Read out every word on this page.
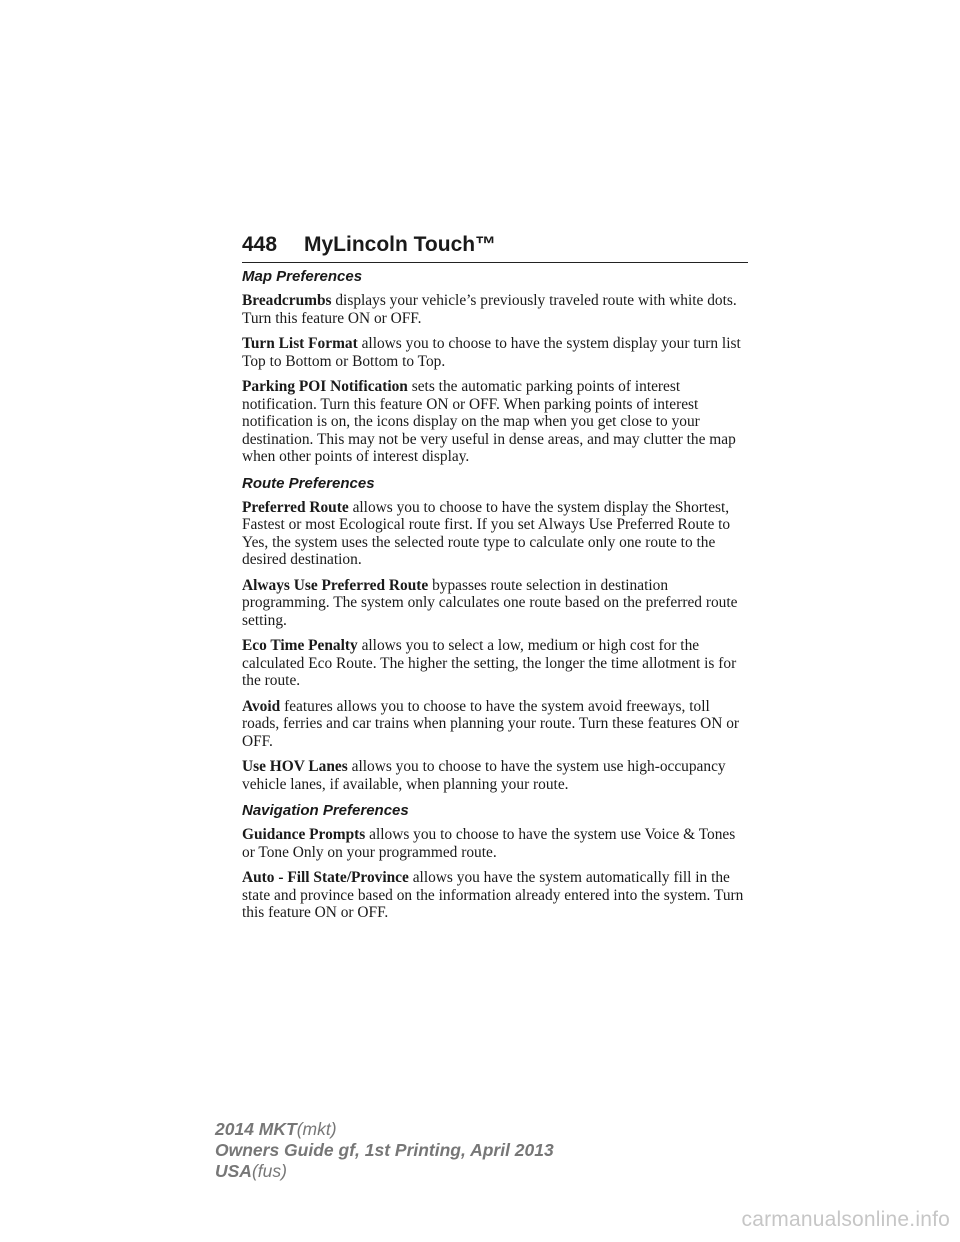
448 MyLincoln Touch™
Map Preferences

Breadcrumbs displays your vehicle’s previously traveled route with white dots. Turn this feature ON or OFF.

Turn List Format allows you to choose to have the system display your turn list Top to Bottom or Bottom to Top.

Parking POI Notification sets the automatic parking points of interest notification. Turn this feature ON or OFF. When parking points of interest notification is on, the icons display on the map when you get close to your destination. This may not be very useful in dense areas, and may clutter the map when other points of interest display.

Route Preferences

Preferred Route allows you to choose to have the system display the Shortest, Fastest or most Ecological route first. If you set Always Use Preferred Route to Yes, the system uses the selected route type to calculate only one route to the desired destination.

Always Use Preferred Route bypasses route selection in destination programming. The system only calculates one route based on the preferred route setting.

Eco Time Penalty allows you to select a low, medium or high cost for the calculated Eco Route. The higher the setting, the longer the time allotment is for the route.

Avoid features allows you to choose to have the system avoid freeways, toll roads, ferries and car trains when planning your route. Turn these features ON or OFF.

Use HOV Lanes allows you to choose to have the system use high-occupancy vehicle lanes, if available, when planning your route.

Navigation Preferences

Guidance Prompts allows you to choose to have the system use Voice & Tones or Tone Only on your programmed route.

Auto - Fill State/Province allows you have the system automatically fill in the state and province based on the information already entered into the system. Turn this feature ON or OFF.

2014 MKT(mkt)
Owners Guide gf, 1st Printing, April 2013
USA(fus)
carmanualsonline.info
